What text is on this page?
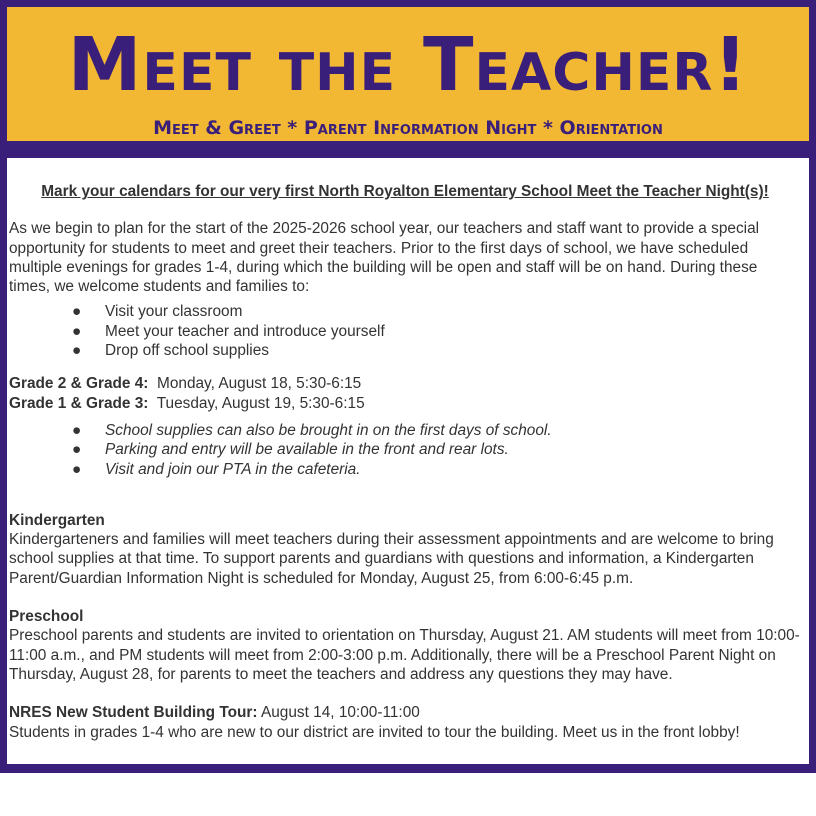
Meet the Teacher!
Meet & Greet * Parent Information Night * Orientation

Mark your calendars for our very first North Royalton Elementary School Meet the Teacher Night(s)!

As we begin to plan for the start of the 2025-2026 school year, our teachers and staff want to provide a special opportunity for students to meet and greet their teachers. Prior to the first days of school, we have scheduled multiple evenings for grades 1-4, during which the building will be open and staff will be on hand. During these times, we welcome students and families to:

● Visit your classroom
● Meet your teacher and introduce yourself
● Drop off school supplies

Grade 2 & Grade 4: Monday, August 18, 5:30-6:15

Grade 1 & Grade 3: Tuesday, August 19, 5:30-6:15

● School supplies can also be brought in on the first days of school.
● Parking and entry will be available in the front and rear lots.
● Visit and join our PTA in the cafeteria.

Kindergarten

Kindergarteners and families will meet teachers during their assessment appointments and are welcome to bring school supplies at that time. To support parents and guardians with questions and information, a Kindergarten Parent/Guardian Information Night is scheduled for Monday, August 25, from 6:00-6:45 p.m.

Preschool

Preschool parents and students are invited to orientation on Thursday, August 21. AM students will meet from 10:00-11:00 a.m., and PM students will meet from 2:00-3:00 p.m. Additionally, there will be a Preschool Parent Night on Thursday, August 28, for parents to meet the teachers and address any questions they may have.

NRES New Student Building Tour: August 14, 10:00-11:00

Students in grades 1-4 who are new to our district are invited to tour the building. Meet us in the front lobby!
